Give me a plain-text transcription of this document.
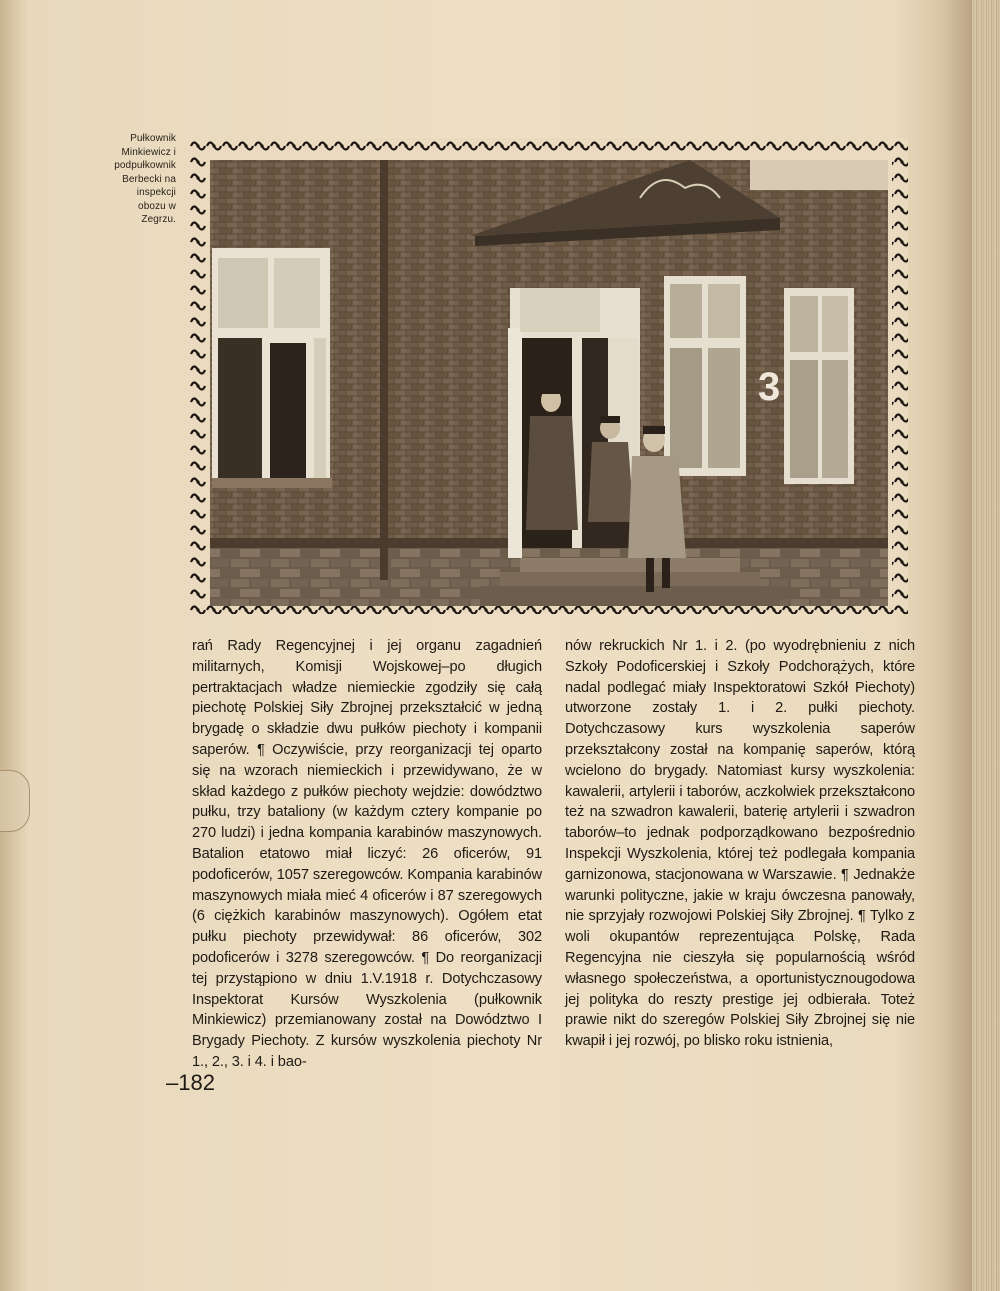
Pułkownik Minkiewicz i podpułkownik Berbecki na inspekcji obozu w Zegrzu.
3

rań Rady Regencyjnej i jej organu zagadnień militarnych, Komisji Wojskowej–po długich pertraktacjach władze niemieckie zgodziły się całą piechotę Polskiej Siły Zbrojnej przekształcić w jedną brygadę o składzie dwu pułków piechoty i kompanii saperów. ¶ Oczywiście, przy reorganizacji tej oparto się na wzorach niemieckich i przewidywano, że w skład każdego z pułków piechoty wejdzie: dowództwo pułku, trzy bataliony (w każdym cztery kompanie po 270 ludzi) i jedna kompania karabinów maszynowych. Batalion etatowo miał liczyć: 26 oficerów, 91 podoficerów, 1057 szeregowców. Kompania karabinów maszynowych miała mieć 4 oficerów i 87 szeregowych (6 ciężkich karabinów maszynowych). Ogółem etat pułku piechoty przewidywał: 86 oficerów, 302 podoficerów i 3278 szeregowców. ¶ Do reorganizacji tej przystąpiono w dniu 1.V.1918 r. Dotychczasowy Inspektorat Kursów Wyszkolenia (pułkownik Minkiewicz) przemianowany został na Dowództwo I Brygady Piechoty. Z kursów wyszkolenia piechoty Nr 1., 2., 3. i 4. i bao-

nów rekruckich Nr 1. i 2. (po wyodrębnieniu z nich Szkoły Podoficerskiej i Szkoły Podchorążych, które nadal podlegać miały Inspektoratowi Szkół Piechoty) utworzone zostały 1. i 2. pułki piechoty. Dotychczasowy kurs wyszkolenia saperów przekształcony został na kompanię saperów, którą wcielono do brygady. Natomiast kursy wyszkolenia: kawalerii, artylerii i taborów, aczkolwiek przekształcono też na szwadron kawalerii, baterię artylerii i szwadron taborów–to jednak podporządkowano bezpośrednio Inspekcji Wyszkolenia, której też podlegała kompania garnizonowa, stacjonowana w Warszawie. ¶ Jednakże warunki polityczne, jakie w kraju ówczesna panowały, nie sprzyjały rozwojowi Polskiej Siły Zbrojnej. ¶ Tylko z woli okupantów reprezentująca Polskę, Rada Regencyjna nie cieszyła się popularnością wśród własnego społeczeństwa, a oportunistycznougodowa jej polityka do reszty prestige jej odbierała. Toteż prawie nikt do szeregów Polskiej Siły Zbrojnej się nie kwapił i jej rozwój, po blisko roku istnienia,

–182
